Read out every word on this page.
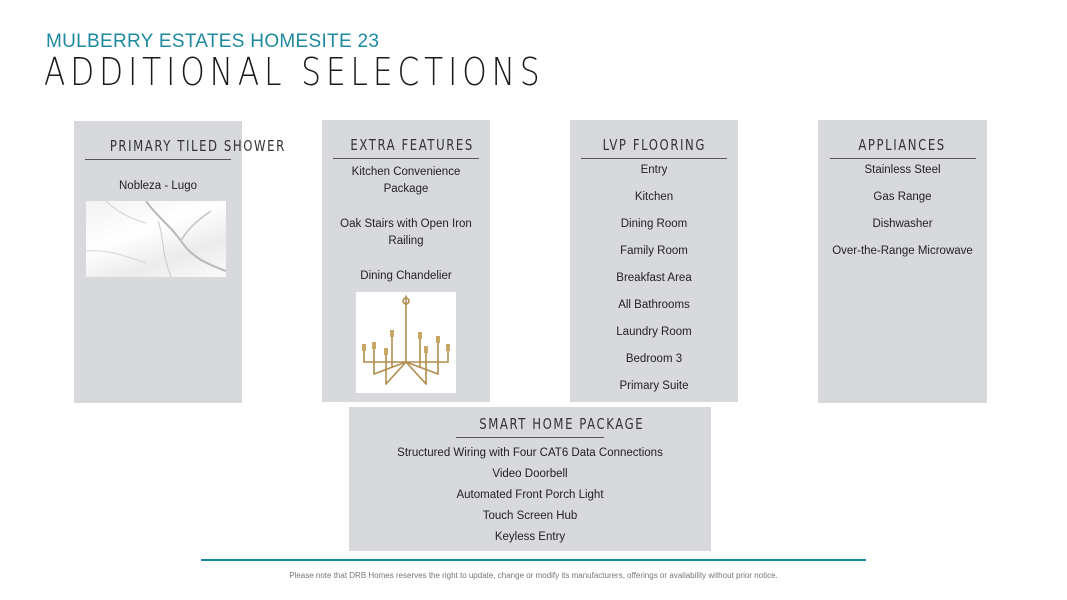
MULBERRY ESTATES HOMESITE 23
ADDITIONAL SELECTIONS
PRIMARY TILED SHOWER
Nobleza - Lugo
EXTRA FEATURES
Kitchen Convenience Package
Oak Stairs with Open Iron Railing
Dining Chandelier
LVP FLOORING
Entry
Kitchen
Dining Room
Family Room
Breakfast Area
All Bathrooms
Laundry Room
Bedroom 3
Primary Suite
APPLIANCES
Stainless Steel
Gas Range
Dishwasher
Over-the-Range Microwave
SMART HOME PACKAGE
Structured Wiring with Four CAT6 Data Connections
Video Doorbell
Automated Front Porch Light
Touch Screen Hub
Keyless Entry
Please note that DRB Homes reserves the right to update, change or modify its manufacturers, offerings or availability without prior notice.
